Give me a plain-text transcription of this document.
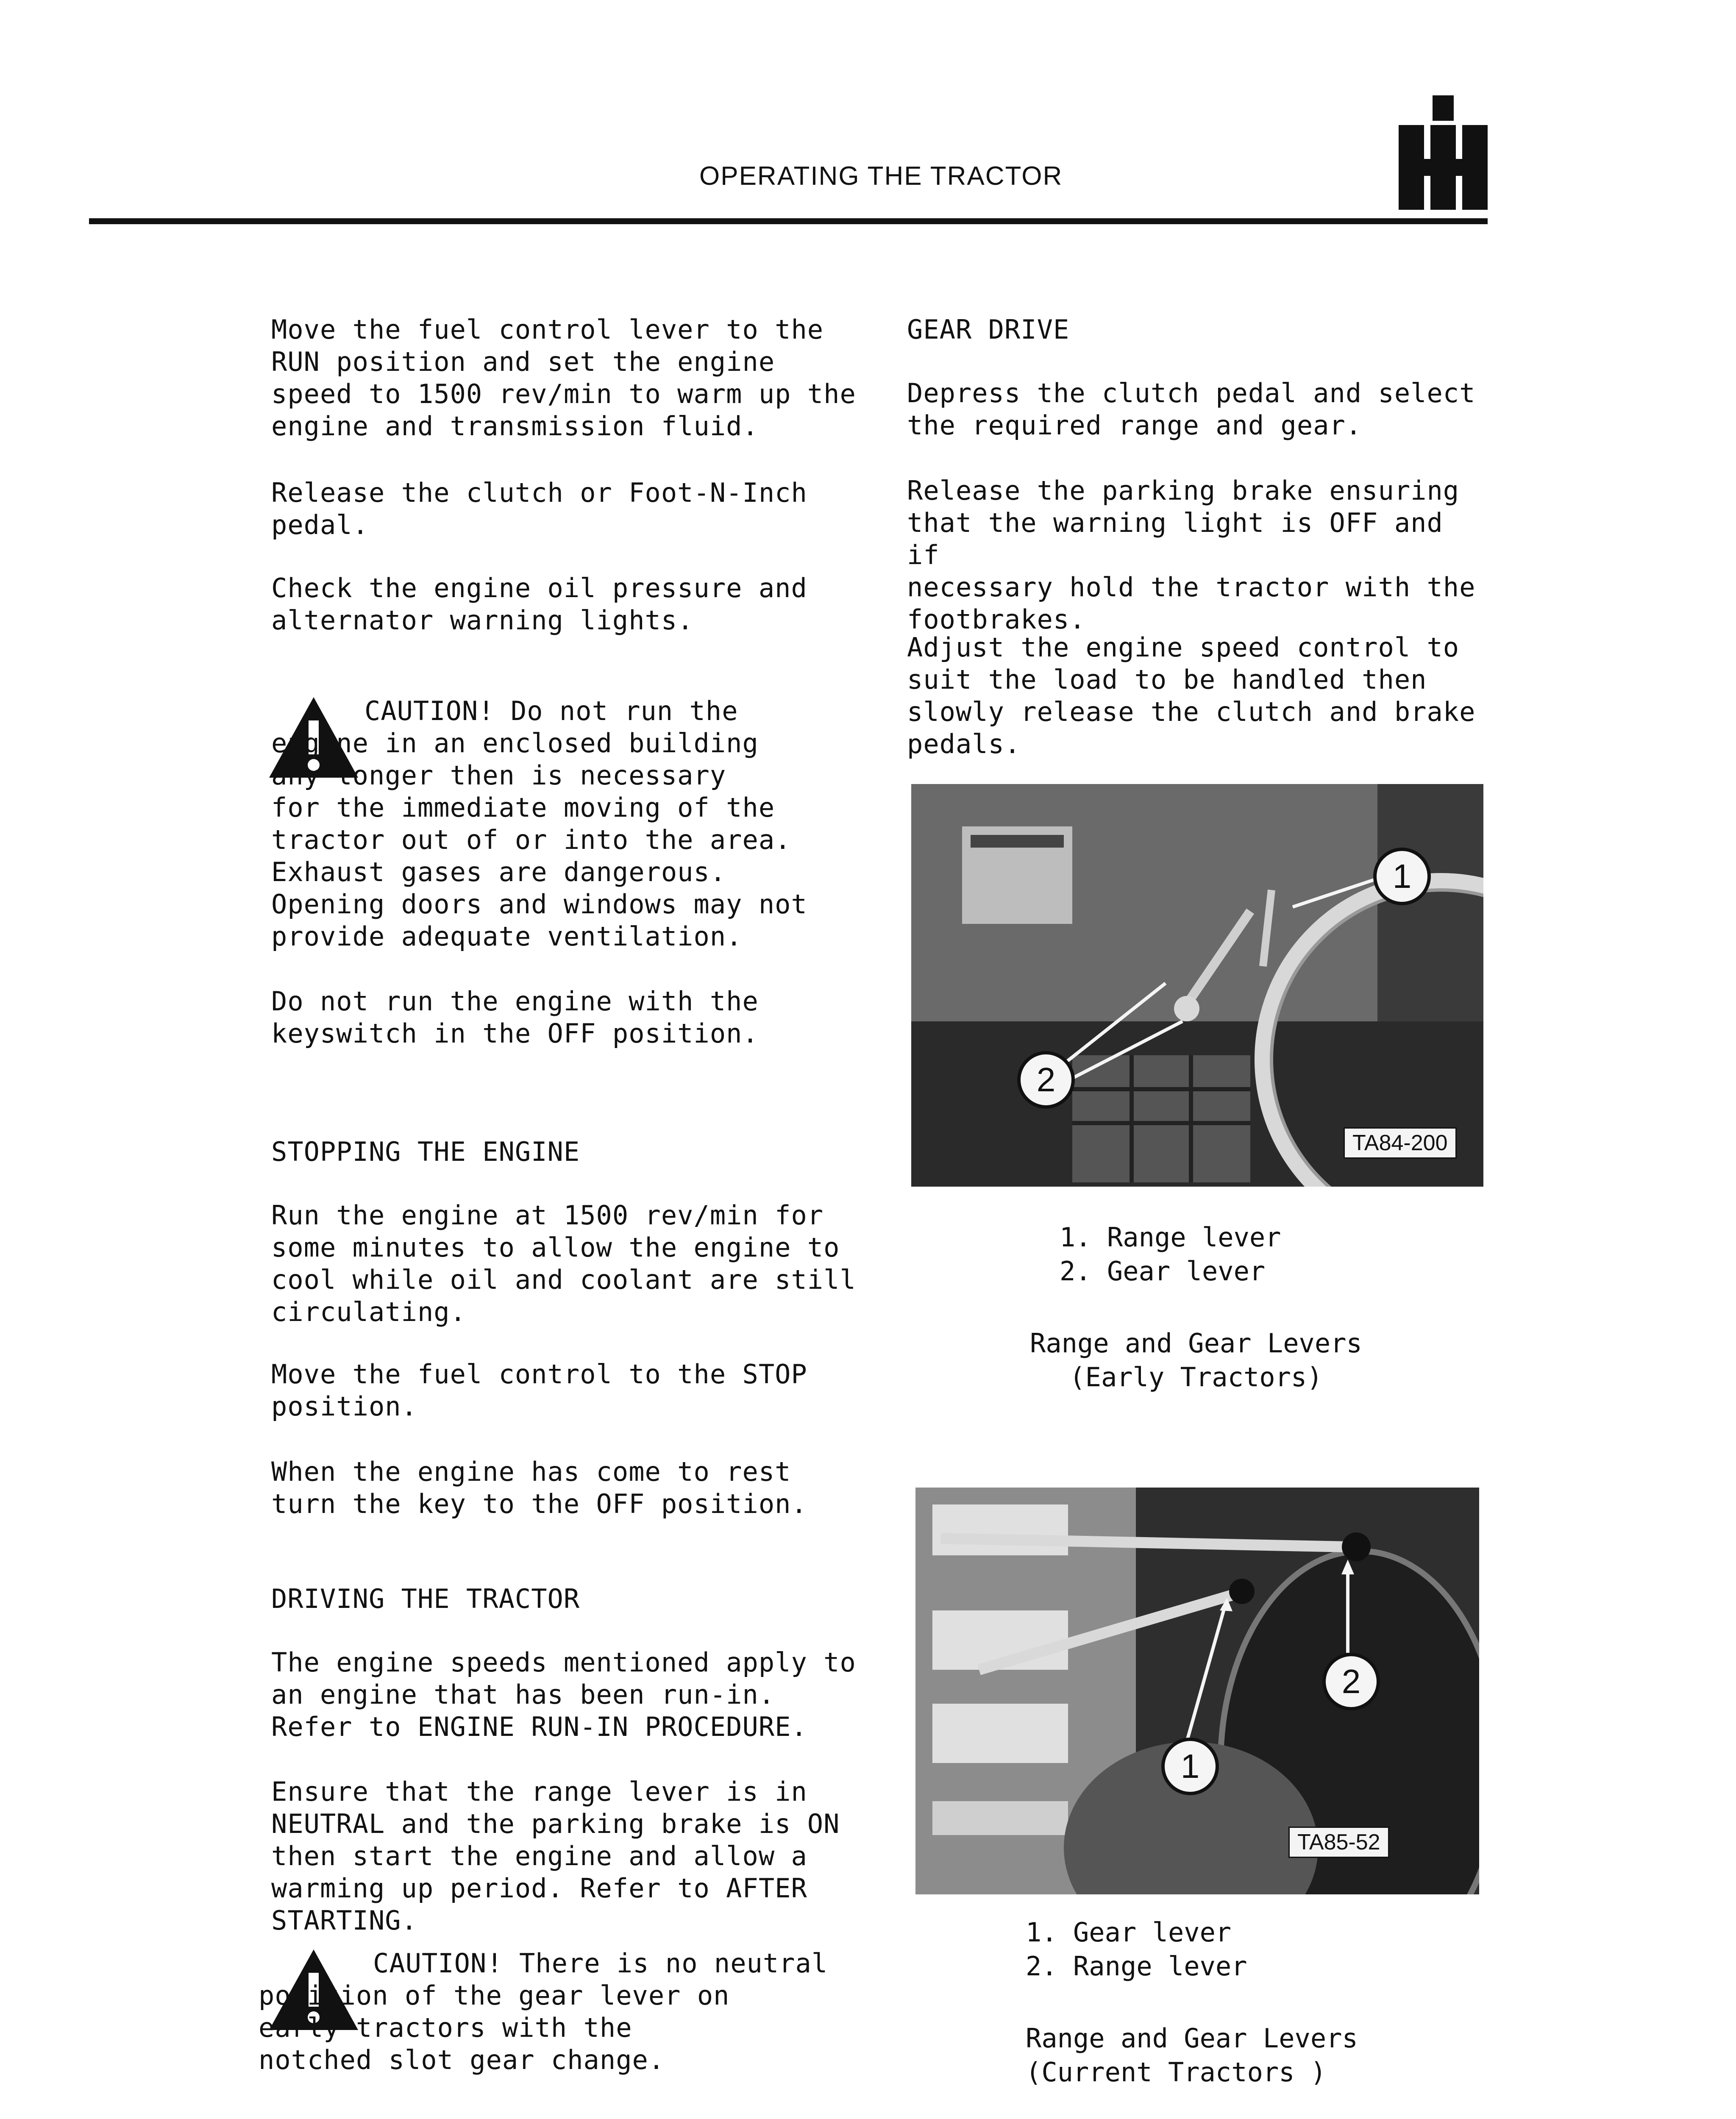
OPERATING THE TRACTOR

Move the fuel control lever to the
RUN position and set the engine
speed to 1500 rev/min to warm up the
engine and transmission fluid.

Release the clutch or Foot-N-Inch
pedal.

Check the engine oil pressure and
alternator warning lights.

CAUTION! Do not run the
engine in an enclosed building
any longer then is necessary
for the immediate moving of the
tractor out of or into the area.
Exhaust gases are dangerous.
Opening doors and windows may not
provide adequate ventilation.

Do not run the engine with the
keyswitch in the OFF position.

STOPPING THE ENGINE

Run the engine at 1500 rev/min for
some minutes to allow the engine to
cool while oil and coolant are still
circulating.

Move the fuel control to the STOP
position.

When the engine has come to rest
turn the key to the OFF position.

DRIVING THE TRACTOR

The engine speeds mentioned apply to
an engine that has been run-in.
Refer to ENGINE RUN-IN PROCEDURE.

Ensure that the range lever is in
NEUTRAL and the parking brake is ON
then start the engine and allow a
warming up period. Refer to AFTER
STARTING.

CAUTION! There is no neutral
position of the gear lever on
early tractors with the
notched slot gear change.

GEAR DRIVE

Depress the clutch pedal and select
the required range and gear.

Release the parking brake ensuring
that the warning light is OFF and if
necessary hold the tractor with the
footbrakes.

Adjust the engine speed control to
suit the load to be handled then
slowly release the clutch and brake
pedals.

1
2
TA84-200
1. Range lever
2. Gear lever
Range and Gear Levers
(Early Tractors)
1
2
TA85-52
1. Gear lever
2. Range lever
Range and Gear Levers
(Current Tractors )
